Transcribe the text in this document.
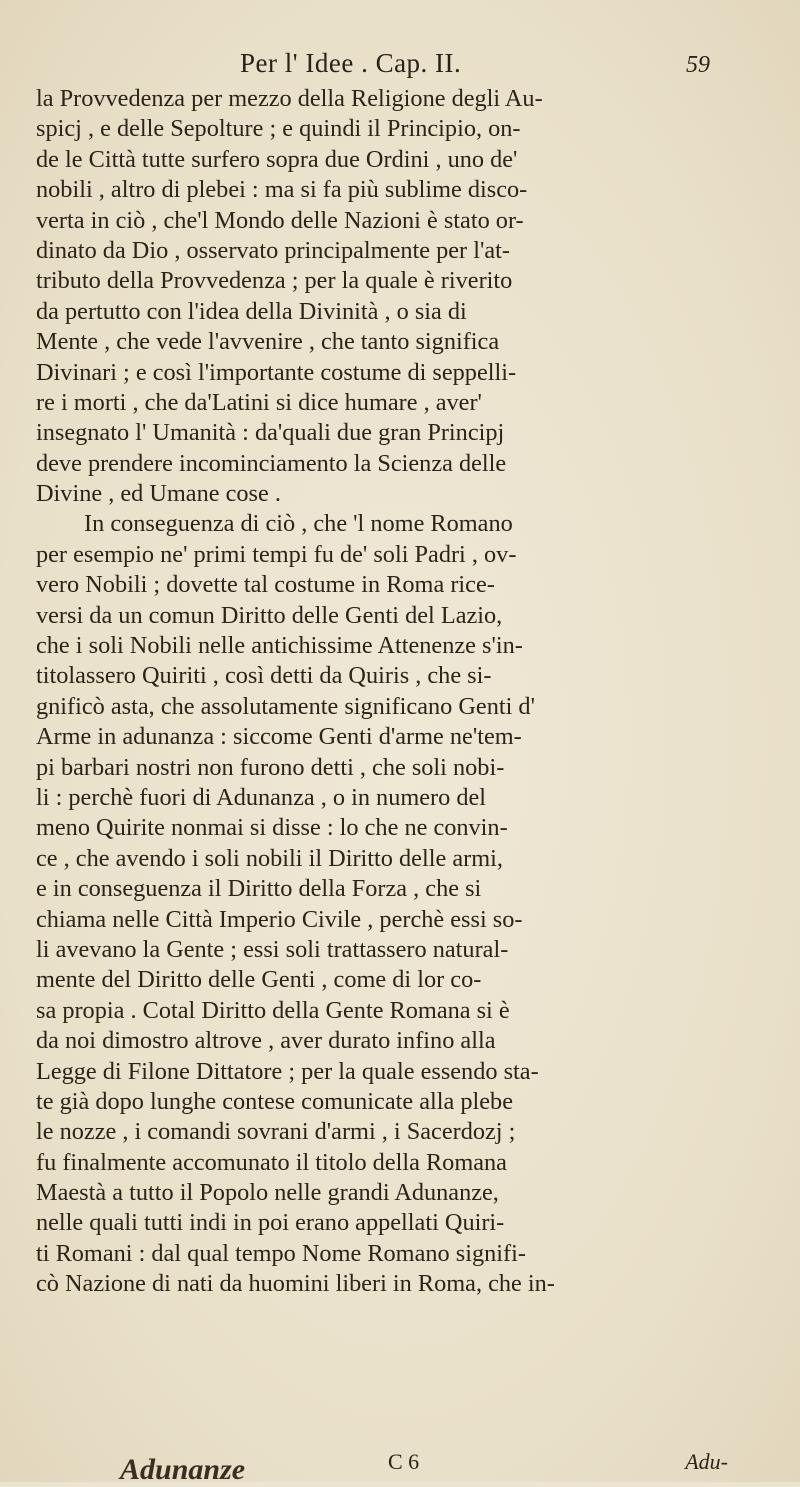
Per l' Idee . Cap. II.	59
la Provvedenza per mezzo della Religione degli Au-
spicj , e delle Sepolture ; e quindi il Principio, on-
de le Città tutte surfero sopra due Ordini , uno de'
nobili , altro di plebei : ma si fa più sublime disco-
verta in ciò , che'l Mondo delle Nazioni è stato or-
dinato da Dio , osservato principalmente per l'at-
tributo della Provvedenza ; per la quale è riverito
da pertutto con l'idea della Divinità , o sia di
Mente , che vede l'avvenire , che tanto significa
Divinari ; e così l'importante costume di seppelli-
re i morti , che da'Latini si dice humare , aver'
insegnato l' Umanità : da'quali due gran Principj
deve prendere incominciamento la Scienza delle
Divine , ed Umane cose .
In conseguenza di ciò , che 'l nome Romano
per esempio ne' primi tempi fu de' soli Padri , ov-
vero Nobili ; dovette tal costume in Roma rice-
versi da un comun Diritto delle Genti del Lazio,
che i soli Nobili nelle antichissime Attenenze s'in-
titolassero Quiriti , così detti da Quiris , che si-
gnificò asta, che assolutamente significano Genti d'
Arme in adunanza : siccome Genti d'arme ne'tem-
pi barbari nostri non furono detti , che soli nobi-
li : perchè fuori di Adunanza , o in numero del
meno Quirite nonmai si disse : lo che ne convin-
ce , che avendo i soli nobili il Diritto delle armi,
e in conseguenza il Diritto della Forza , che si
chiama nelle Città Imperio Civile , perchè essi so-
li avevano la Gente ; essi soli trattassero natural-
mente del Diritto delle Genti , come di lor co-
sa propia . Cotal Diritto della Gente Romana si è
da noi dimostro altrove , aver durato infino alla
Legge di Filone Dittatore ; per la quale essendo sta-
te già dopo lunghe contese comunicate alla plebe
le nozze , i comandi sovrani d'armi , i Sacerdozj ;
fu finalmente accomunato il titolo della Romana
Maestà a tutto il Popolo nelle grandi Adunanze,
nelle quali tutti indi in poi erano appellati Quiri-
ti Romani : dal qual tempo Nome Romano signifi-
cò Nazione di nati da huomini liberi in Roma, che in-
Adunanze	C 6	Adu-
